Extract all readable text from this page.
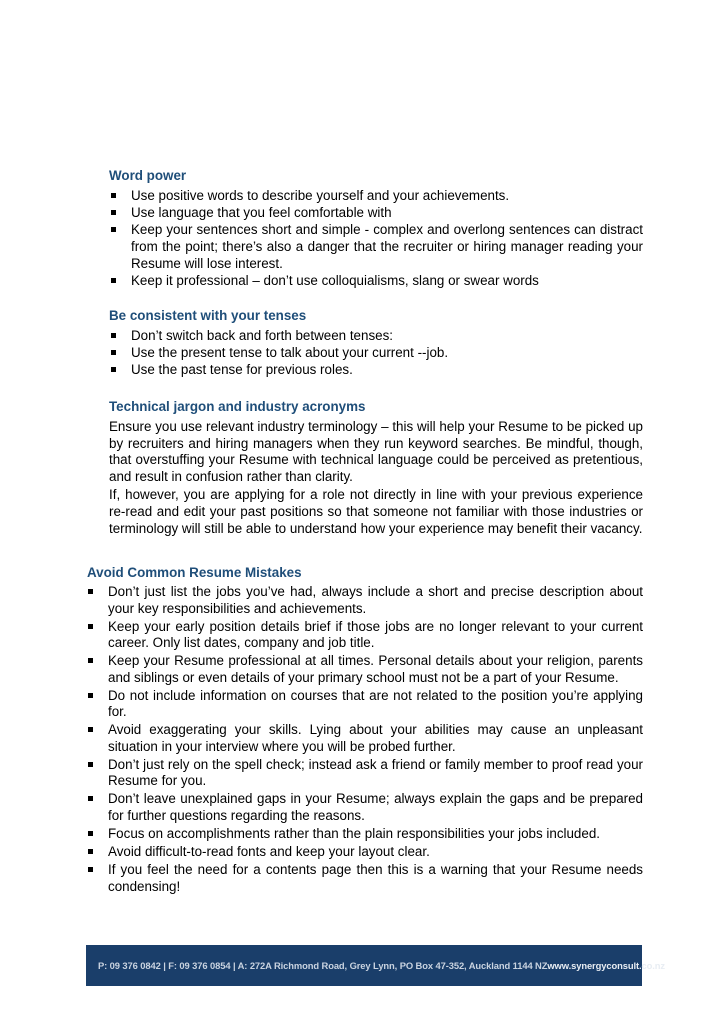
Word power
Use positive words to describe yourself and your achievements.
Use language that you feel comfortable with
Keep your sentences short and simple - complex and overlong sentences can distract from the point; there’s also a danger that the recruiter or hiring manager reading your Resume will lose interest.
Keep it professional – don’t use colloquialisms, slang or swear words
Be consistent with your tenses
Don’t switch back and forth between tenses:
Use the present tense to talk about your current --job.
Use the past tense for previous roles.
Technical jargon and industry acronyms

Ensure you use relevant industry terminology – this will help your Resume to be picked up by recruiters and hiring managers when they run keyword searches. Be mindful, though, that overstuffing your Resume with technical language could be perceived as pretentious, and result in confusion rather than clarity.

If, however, you are applying for a role not directly in line with your previous experience re-read and edit your past positions so that someone not familiar with those industries or terminology will still be able to understand how your experience may benefit their vacancy.

Avoid Common Resume Mistakes
Don’t just list the jobs you’ve had, always include a short and precise description about your key responsibilities and achievements.
Keep your early position details brief if those jobs are no longer relevant to your current career. Only list dates, company and job title.
Keep your Resume professional at all times. Personal details about your religion, parents and siblings or even details of your primary school must not be a part of your Resume.
Do not include information on courses that are not related to the position you’re applying for.
Avoid exaggerating your skills. Lying about your abilities may cause an unpleasant situation in your interview where you will be probed further.
Don’t just rely on the spell check; instead ask a friend or family member to proof read your Resume for you.
Don’t leave unexplained gaps in your Resume; always explain the gaps and be prepared for further questions regarding the reasons.
Focus on accomplishments rather than the plain responsibilities your jobs included.
Avoid difficult-to-read fonts and keep your layout clear.
If you feel the need for a contents page then this is a warning that your Resume needs condensing!
P: 09 376 0842 | F: 09 376 0854 | A: 272A Richmond Road, Grey Lynn, PO Box 47-352, Auckland 1144 NZ www.synergyconsult.co.nz
